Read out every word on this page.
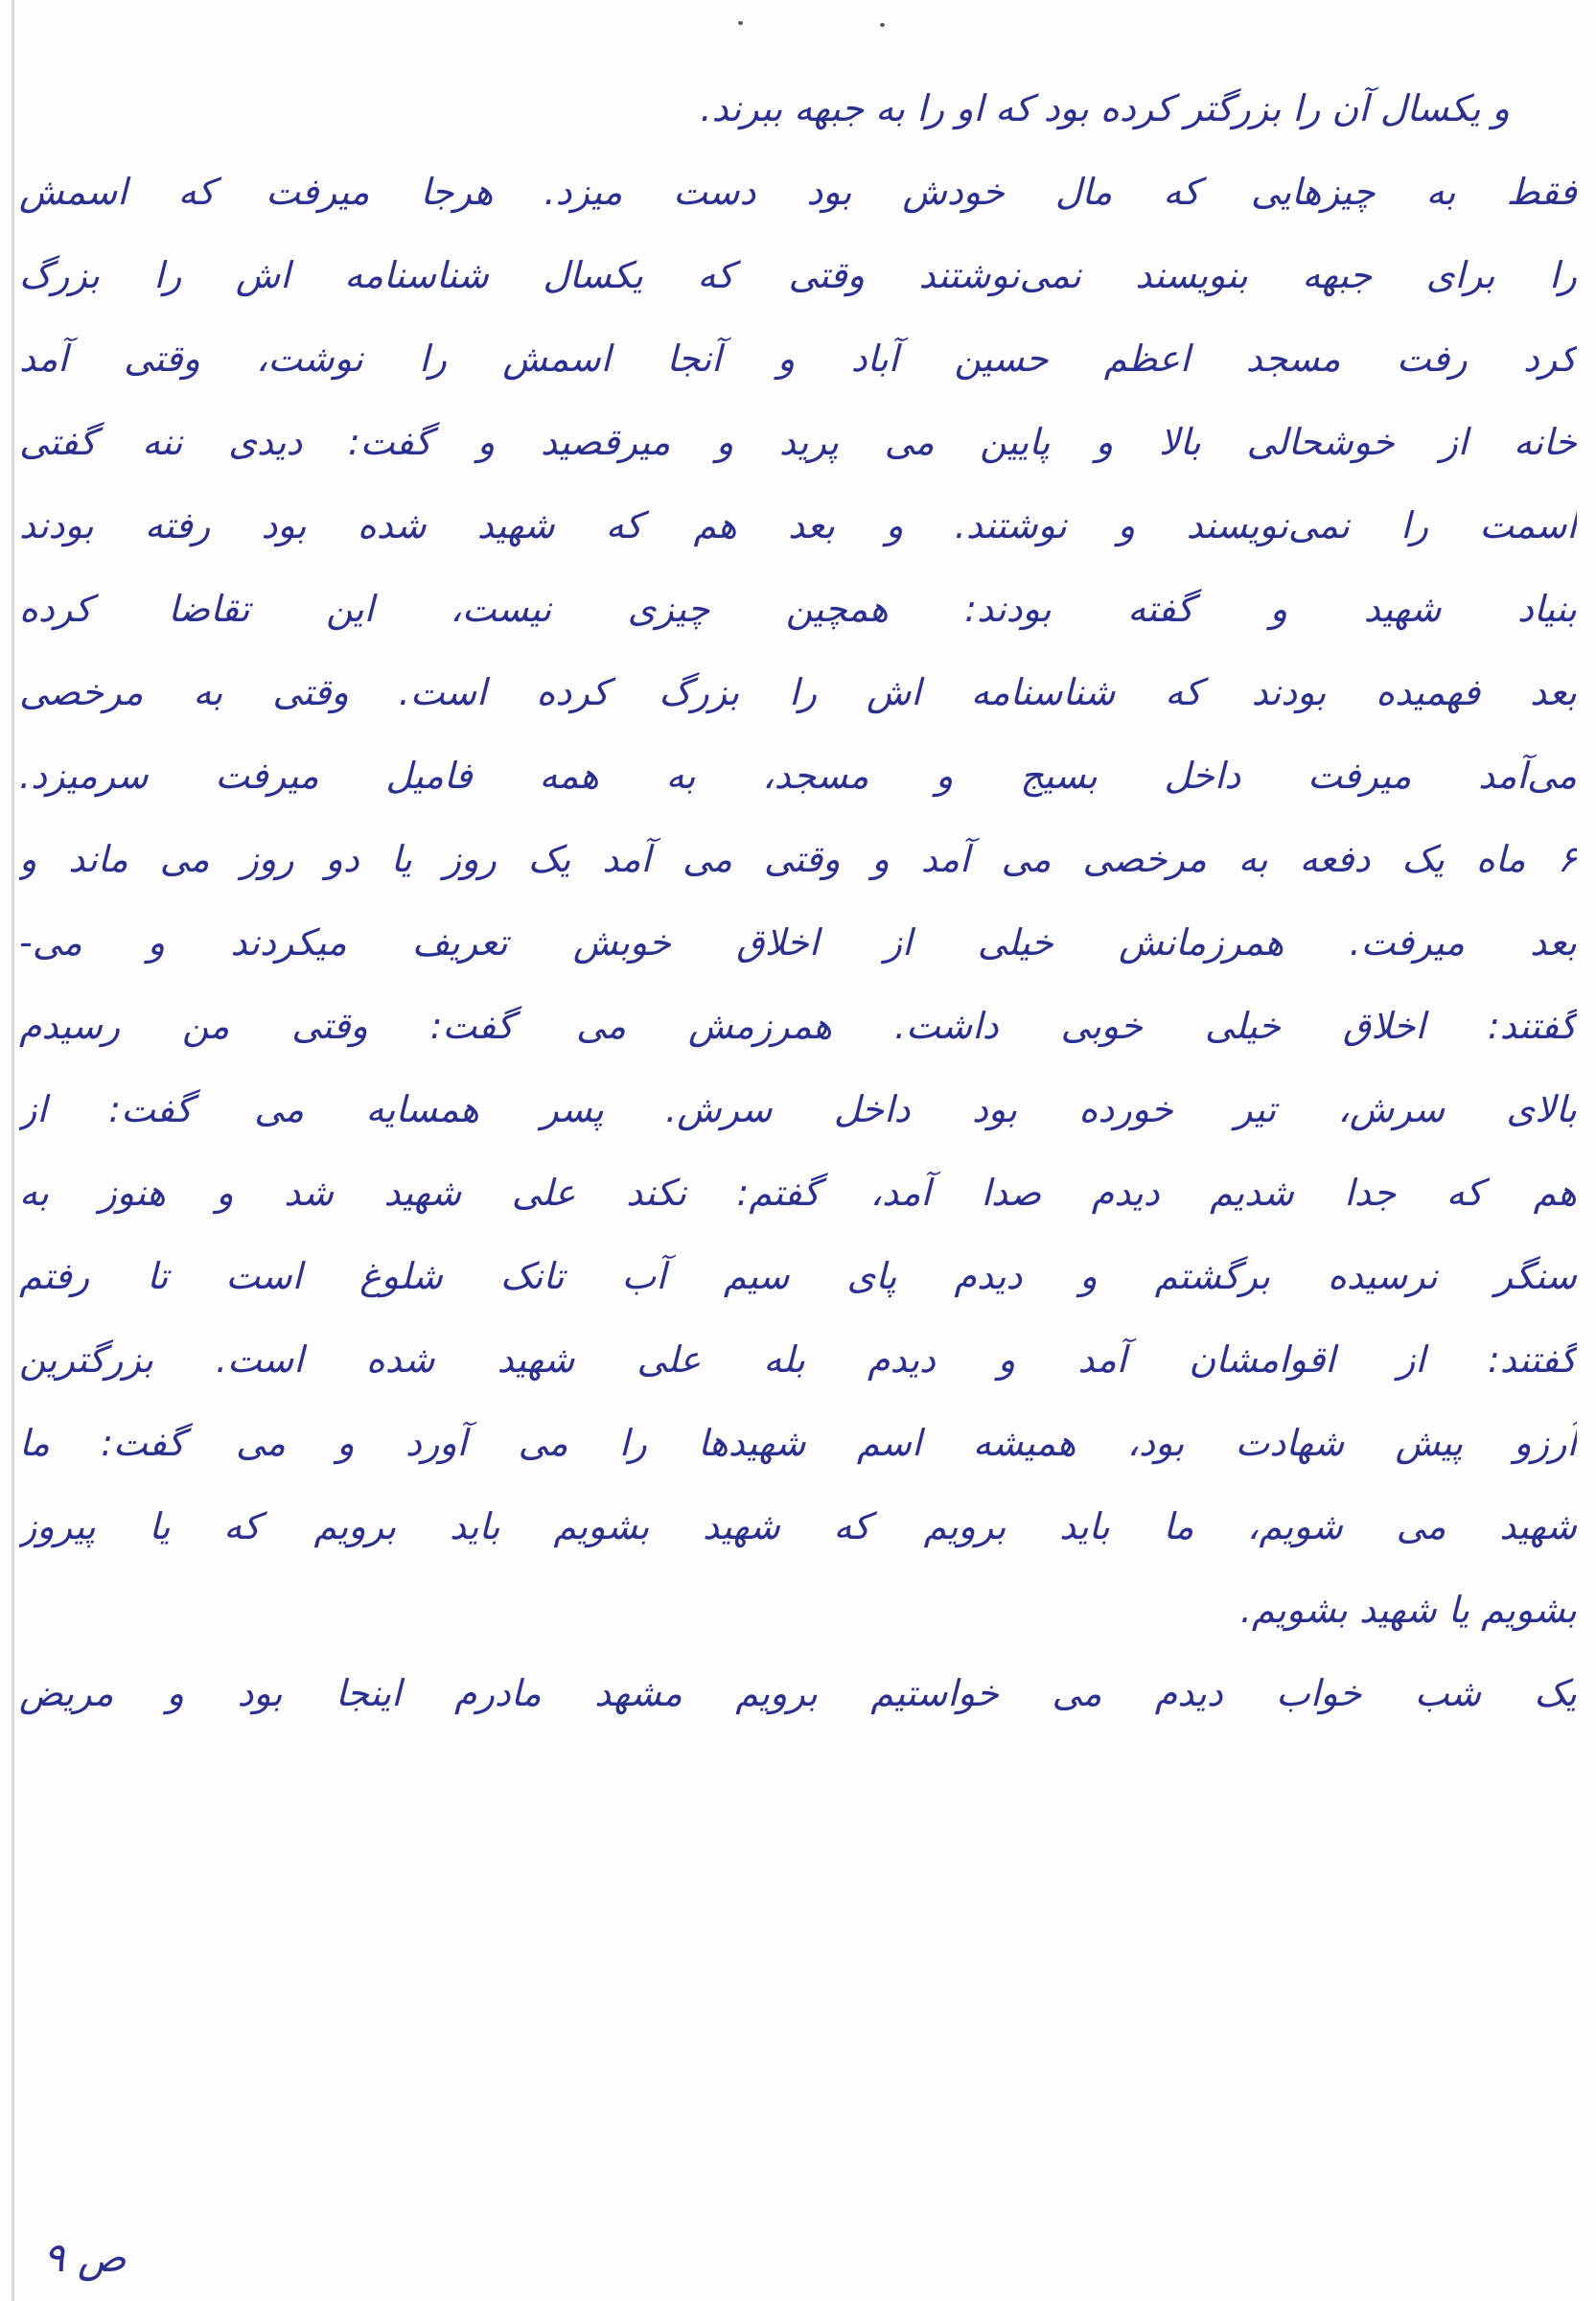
و یکسال آن را بزرگتر کرده بود که او را به جبهه ببرند.
فقط به چیزهایی که مال خودش بود دست میزد. هرجا میرفت که اسمش
را برای جبهه بنویسند نمی‌نوشتند وقتی که یکسال شناسنامه اش را بزرگ
کرد رفت مسجد اعظم حسین آباد و آنجا اسمش را نوشت، وقتی آمد
خانه از خوشحالی بالا و پایین می پرید و میرقصید و گفت: دیدی ننه گفتی
اسمت را نمی‌نویسند و نوشتند. و بعد هم که شهید شده بود رفته بودند
بنیاد شهید و گفته بودند: همچین چیزی نیست، این تقاضا کرده
بعد فهمیده بودند که شناسنامه اش را بزرگ کرده است. وقتی به مرخصی
می‌آمد میرفت داخل بسیج و مسجد، به همه فامیل میرفت سرمیزد.
۶ ماه یک دفعه به مرخصی می آمد و وقتی می آمد یک روز یا دو روز می ماند و
بعد میرفت. همرزمانش خیلی از اخلاق خوبش تعریف میکردند و می-
گفتند: اخلاق خیلی خوبی داشت. همرزمش می گفت: وقتی من رسیدم
بالای سرش، تیر خورده بود داخل سرش. پسر همسایه می گفت: از
هم که جدا شدیم دیدم صدا آمد، گفتم: نکند علی شهید شد و هنوز به
سنگر نرسیده برگشتم و دیدم پای سیم آب تانک شلوغ است تا رفتم
گفتند: از اقوامشان آمد و دیدم بله علی شهید شده است. بزرگترین
آرزو پیش شهادت بود، همیشه اسم شهیدها را می آورد و می گفت: ما
شهید می شویم، ما باید برویم که شهید بشویم باید برویم که یا پیروز
بشویم یا شهید بشویم.
یک شب خواب دیدم می خواستیم برویم مشهد مادرم اینجا بود و مریض
ص ۹
